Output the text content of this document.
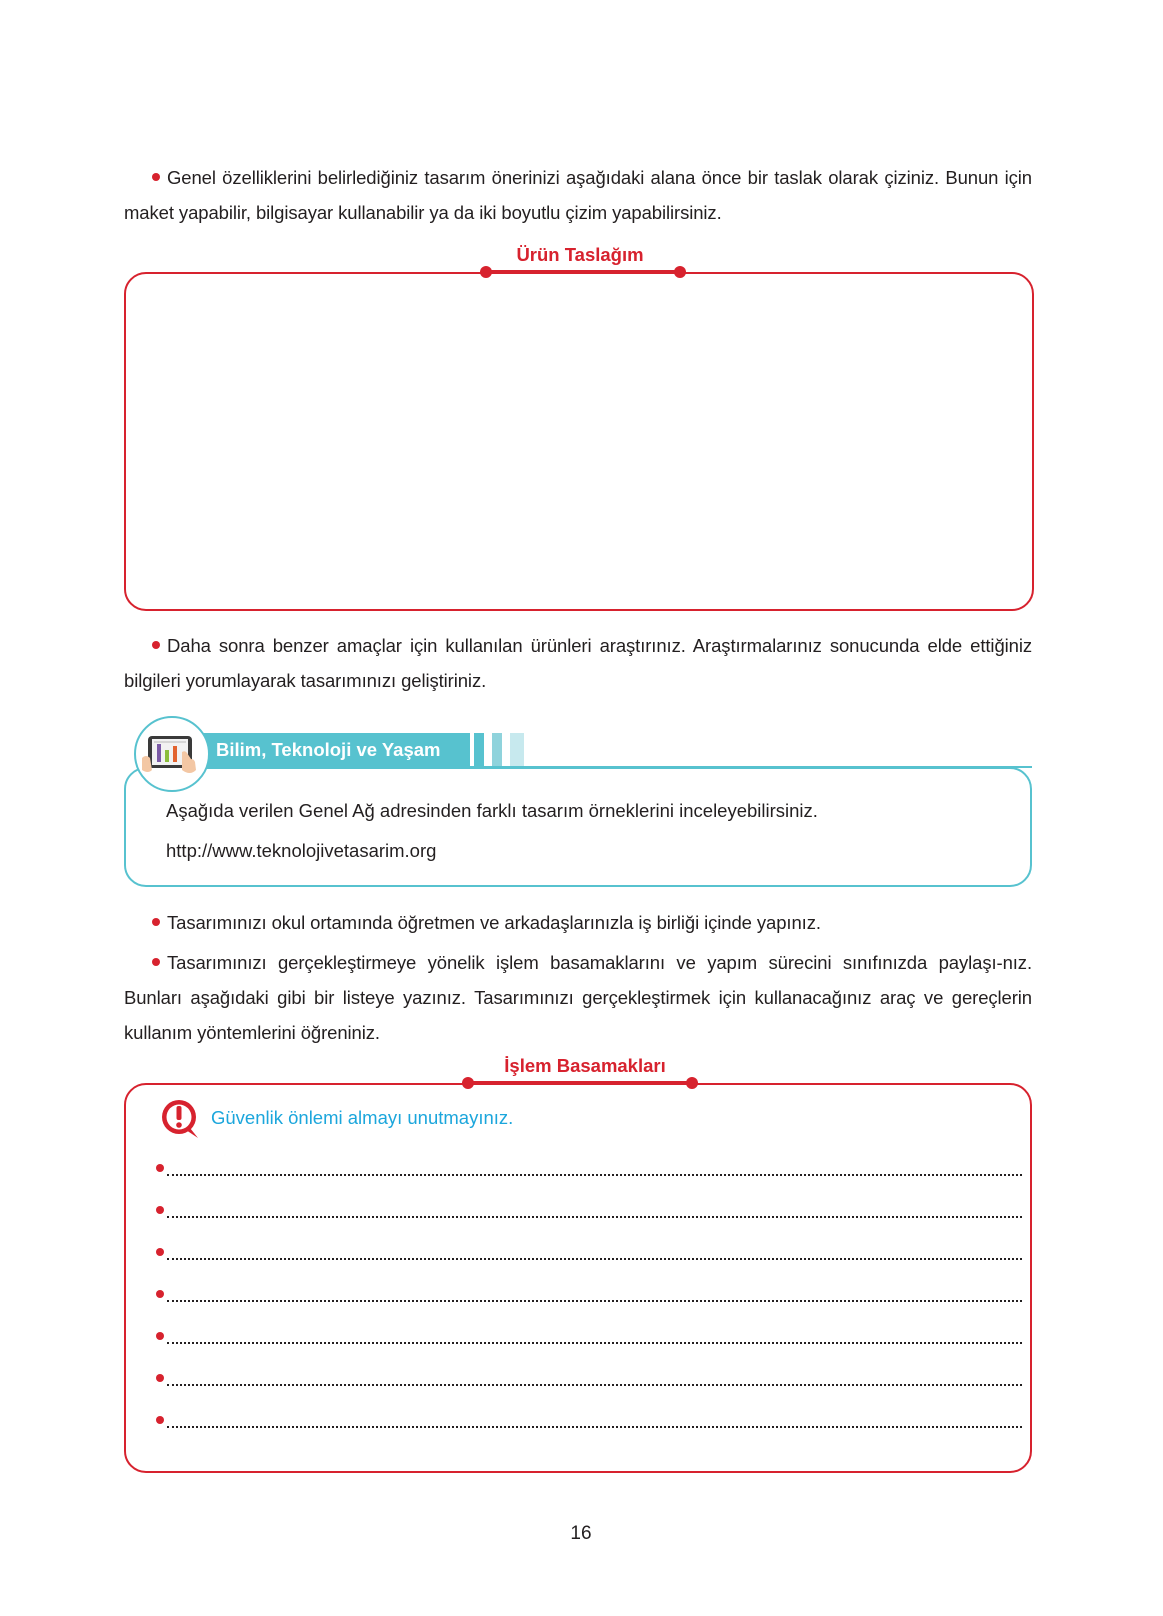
Genel özelliklerini belirlediğiniz tasarım önerinizi aşağıdaki alana önce bir taslak olarak çiziniz. Bunun için maket yapabilir, bilgisayar kullanabilir ya da iki boyutlu çizim yapabilirsiniz.
Ürün Taslağım
Daha sonra benzer amaçlar için kullanılan ürünleri araştırınız. Araştırmalarınız sonucunda elde ettiğiniz bilgileri yorumlayarak tasarımınızı geliştiriniz.
Bilim, Teknoloji ve Yaşam
Aşağıda verilen Genel Ağ adresinden farklı tasarım örneklerini inceleyebilirsiniz.
http://www.teknolojivetasarim.org
Tasarımınızı okul ortamında öğretmen ve arkadaşlarınızla iş birliği içinde yapınız.
Tasarımınızı gerçekleştirmeye yönelik işlem basamaklarını ve yapım sürecini sınıfınızda paylaşı-nız. Bunları aşağıdaki gibi bir listeye yazınız. Tasarımınızı gerçekleştirmek için kullanacağınız araç ve gereçlerin kullanım yöntemlerini öğreniniz.
İşlem Basamakları
Güvenlik önlemi almayı unutmayınız.
16
